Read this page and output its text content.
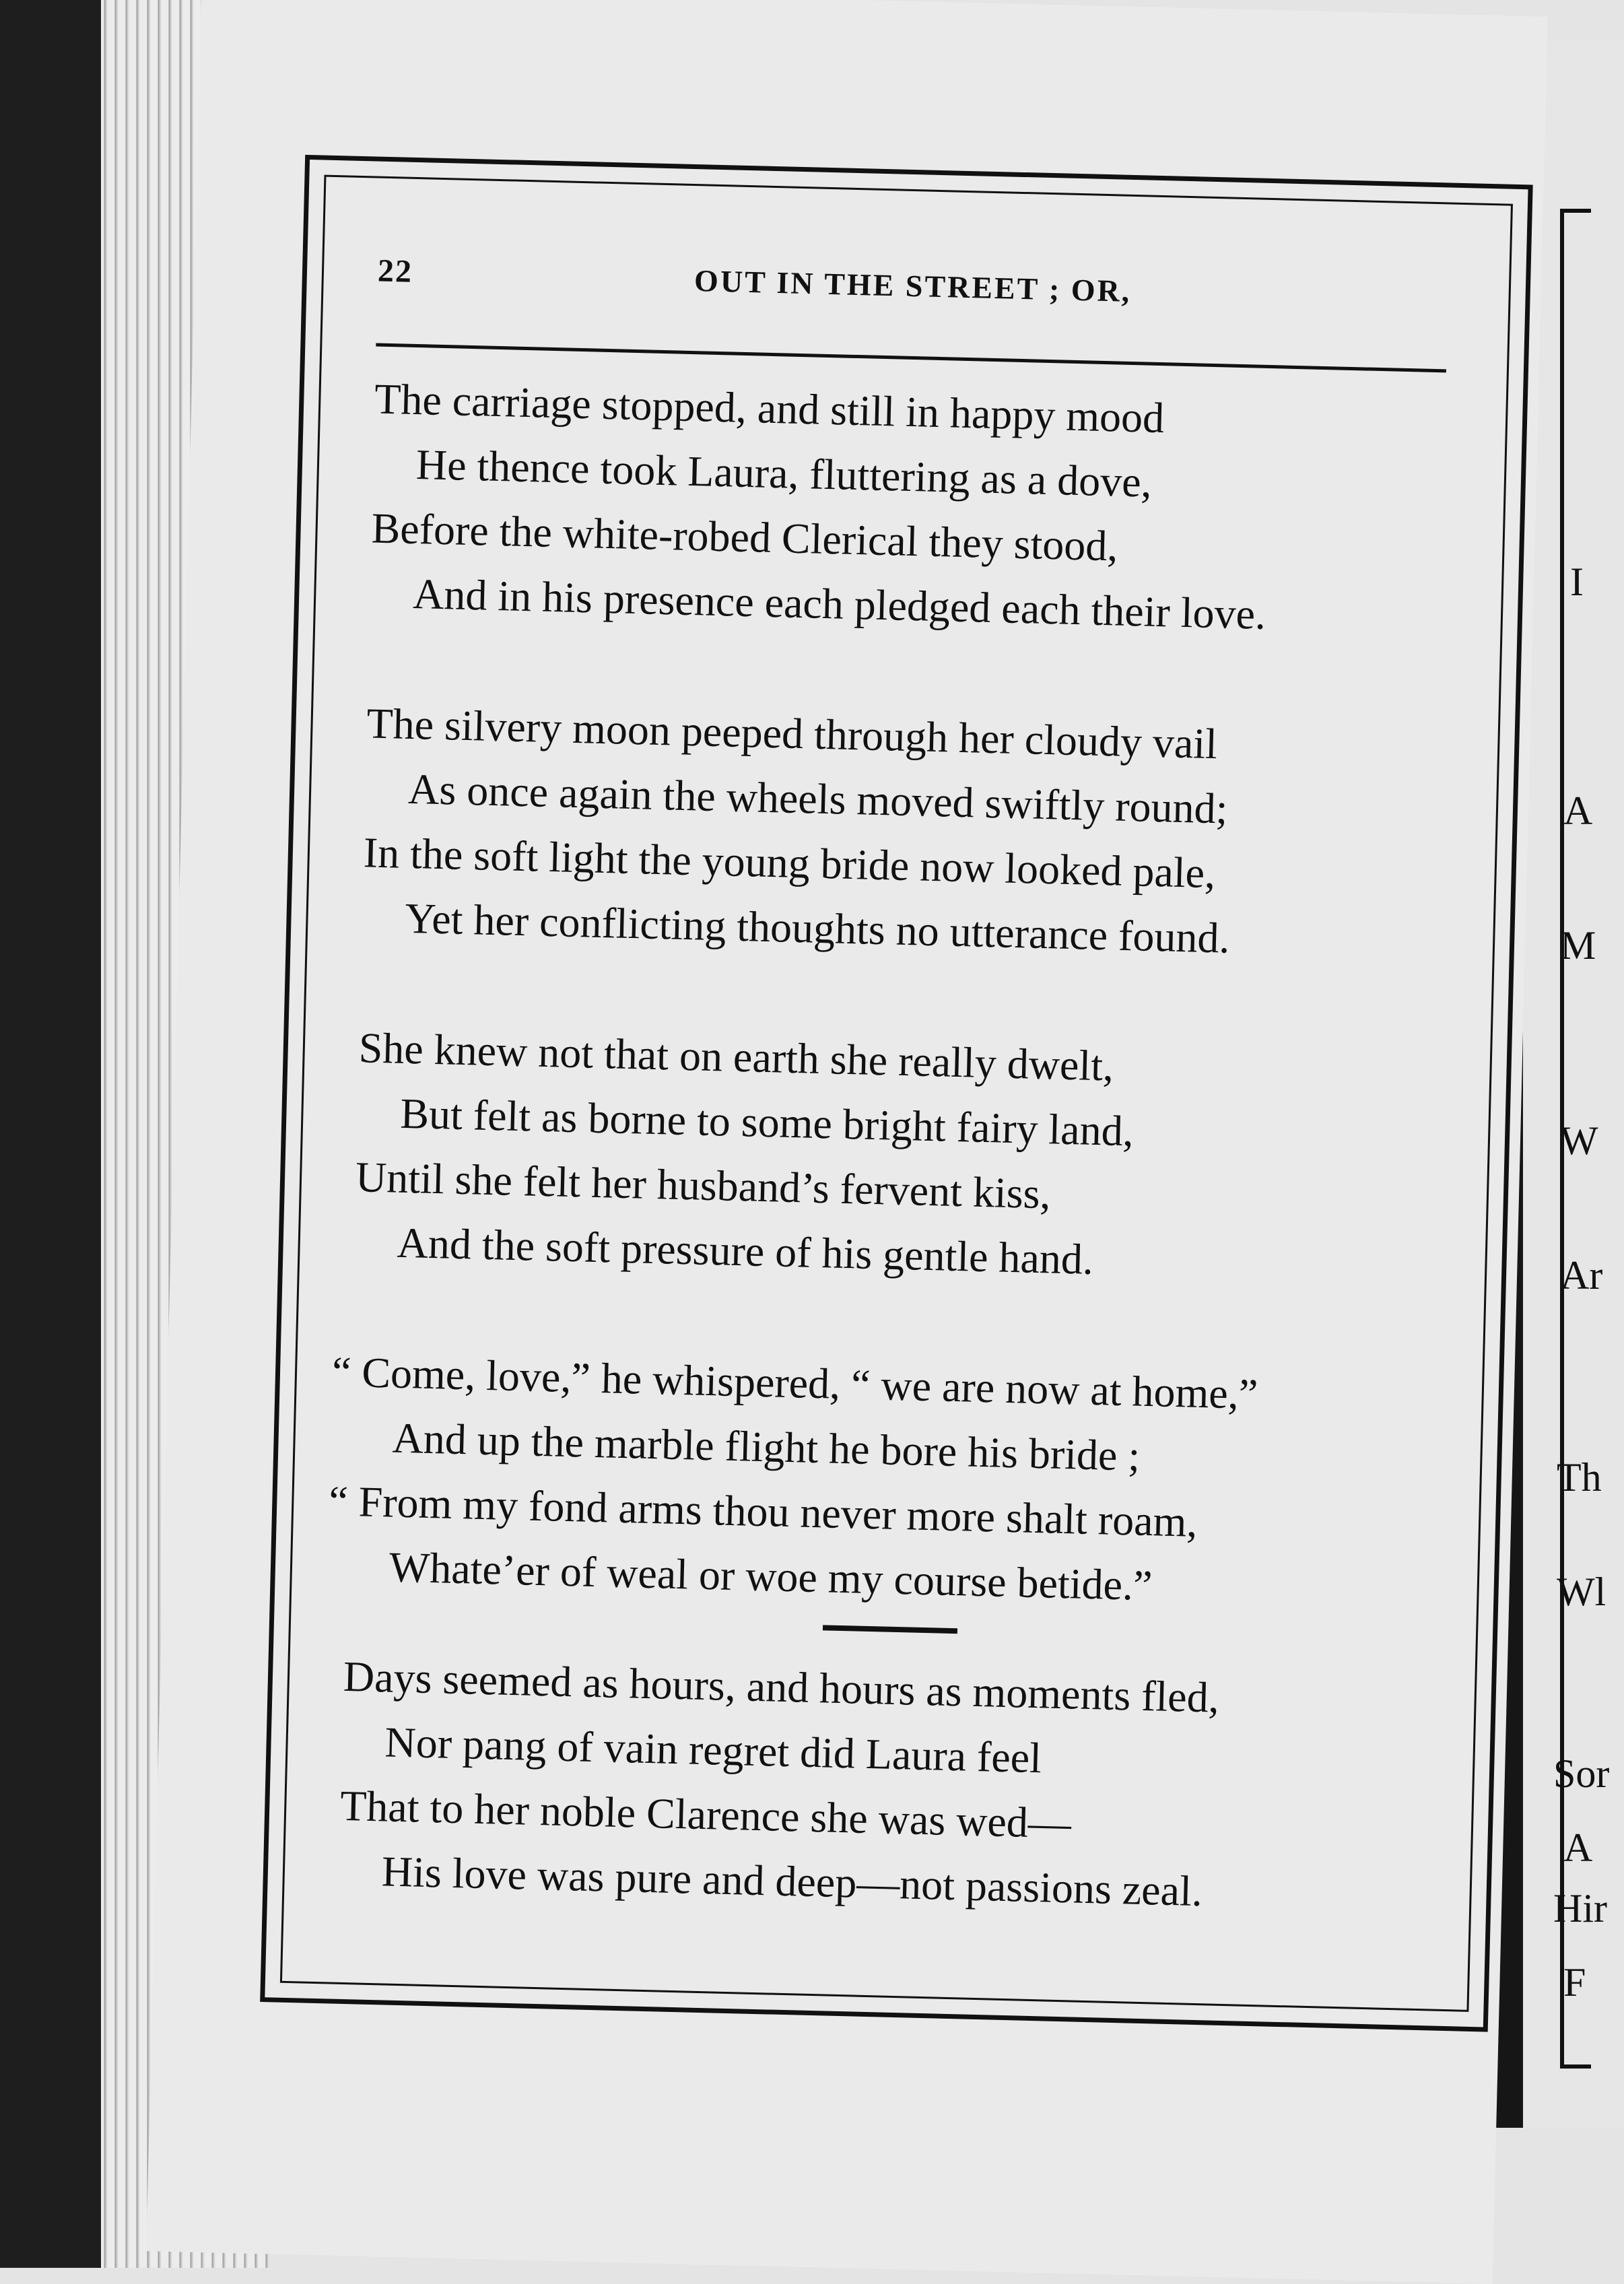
I
A
M
W
Ar
Th
Wl
Sor
A
Hir
F
22	OUT IN THE STREET ; OR,
The carriage stopped, and still in happy mood
He thence took Laura, fluttering as a dove,
Before the white-robed Clerical they stood,
And in his presence each pledged each their love.
The silvery moon peeped through her cloudy vail
As once again the wheels moved swiftly round;
In the soft light the young bride now looked pale,
Yet her conflicting thoughts no utterance found.
She knew not that on earth she really dwelt,
But felt as borne to some bright fairy land,
Until she felt her husband’s fervent kiss,
And the soft pressure of his gentle hand.
“ Come, love,” he whispered, “ we are now at home,”
And up the marble flight he bore his bride ;
“ From my fond arms thou never more shalt roam,
Whate’er of weal or woe my course betide.”
Days seemed as hours, and hours as moments fled,
Nor pang of vain regret did Laura feel
That to her noble Clarence she was wed—
His love was pure and deep—not passions zeal.
